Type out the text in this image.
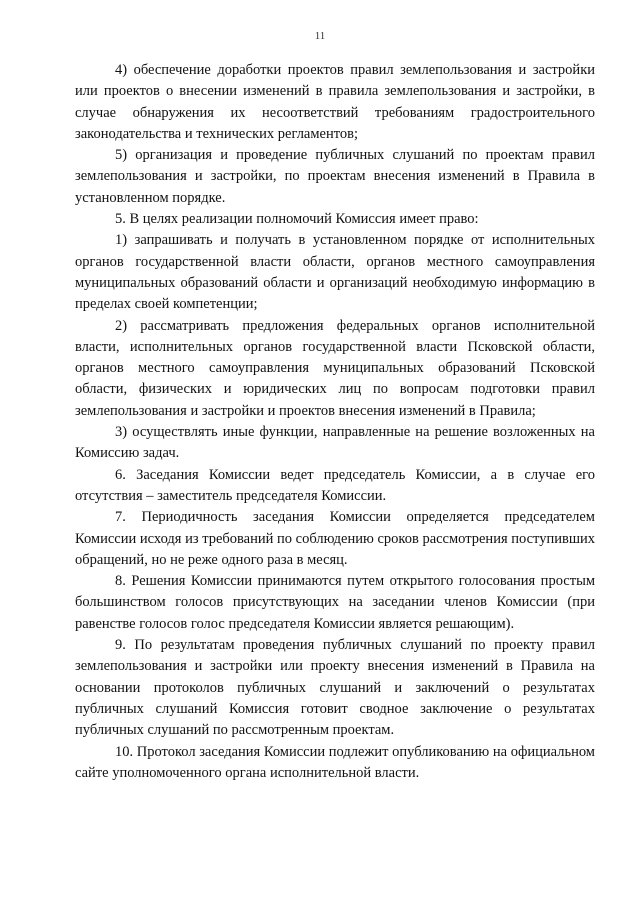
11

4) обеспечение доработки проектов правил землепользования и застройки или проектов о внесении изменений в правила землепользования и застройки, в случае обнаружения их несоответствий требованиям градостроительного законодательства и технических регламентов;

5) организация и проведение публичных слушаний по проектам правил землепользования и застройки, по проектам внесения изменений в Правила в установленном порядке.

5. В целях реализации полномочий Комиссия имеет право:

1) запрашивать и получать в установленном порядке от исполнительных органов государственной власти области, органов местного самоуправления муниципальных образований области и организаций необходимую информацию в пределах своей компетенции;

2) рассматривать предложения федеральных органов исполнительной власти, исполнительных органов государственной власти Псковской области, органов местного самоуправления муниципальных образований Псковской области, физических и юридических лиц по вопросам подготовки правил землепользования и застройки и проектов внесения изменений в Правила;

3) осуществлять иные функции, направленные на решение возложенных на Комиссию задач.

6. Заседания Комиссии ведет председатель Комиссии, а в случае его отсутствия – заместитель председателя Комиссии.

7. Периодичность заседания Комиссии определяется председателем Комиссии исходя из требований по соблюдению сроков рассмотрения поступивших обращений, но не реже одного раза в месяц.

8. Решения Комиссии принимаются путем открытого голосования простым большинством голосов присутствующих на заседании членов Комиссии (при равенстве голосов голос председателя Комиссии является решающим).

9. По результатам проведения публичных слушаний по проекту правил землепользования и застройки или проекту внесения изменений в Правила на основании протоколов публичных слушаний и заключений о результатах публичных слушаний Комиссия готовит сводное заключение о результатах публичных слушаний по рассмотренным проектам.

10. Протокол заседания Комиссии подлежит опубликованию на официальном сайте уполномоченного органа исполнительной власти.
